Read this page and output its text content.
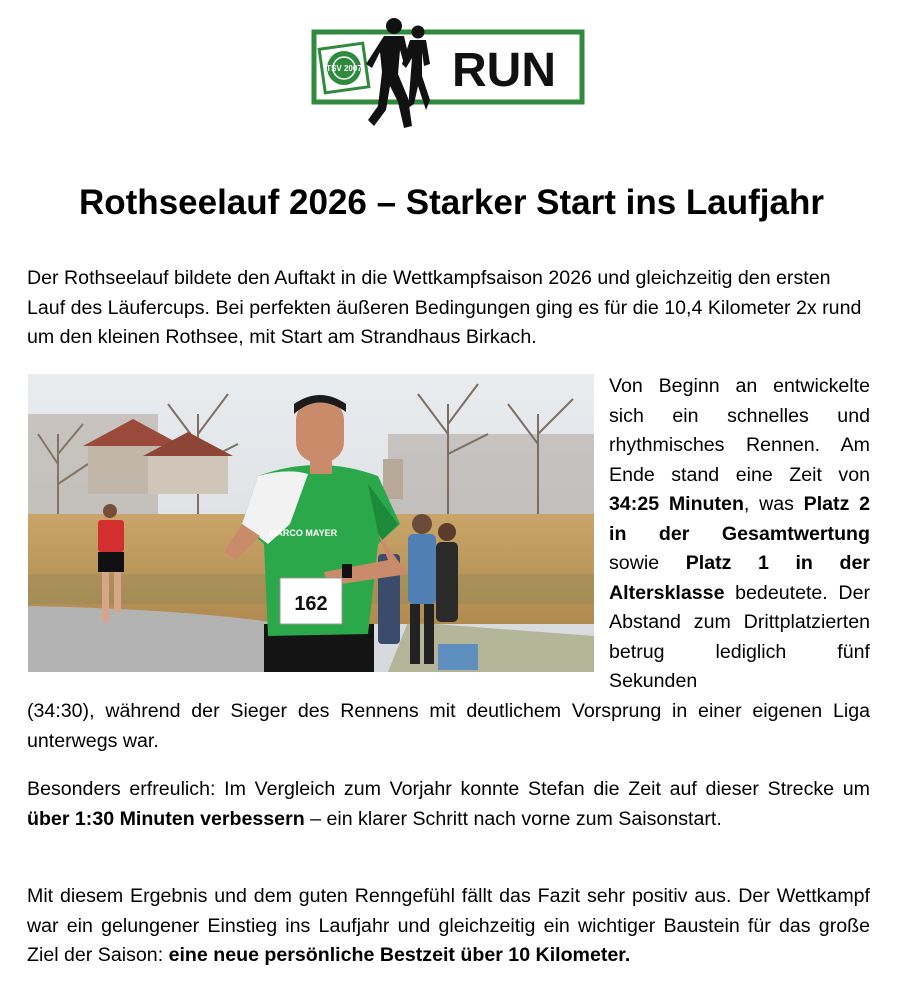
TSV 2007 RUN
Rothseelauf 2026 – Starker Start ins Laufjahr

Der Rothseelauf bildete den Auftakt in die Wettkampfsaison 2026 und gleichzeitig den ersten Lauf des Läufercups. Bei perfekten äußeren Bedingungen ging es für die 10,4 Kilometer 2x rund um den kleinen Rothsee, mit Start am Strandhaus Birkach.

162
MARCO MAYER

Von Beginn an entwickelte sich ein schnelles und rhythmisches Rennen. Am Ende stand eine Zeit von 34:25 Minuten, was Platz 2 in der Gesamtwertung sowie Platz 1 in der Altersklasse bedeutete. Der Abstand zum Drittplatzierten betrug lediglich fünf Sekunden

(34:30), während der Sieger des Rennens mit deutlichem Vorsprung in einer eigenen Liga unterwegs war.

Besonders erfreulich: Im Vergleich zum Vorjahr konnte Stefan die Zeit auf dieser Strecke um über 1:30 Minuten verbessern – ein klarer Schritt nach vorne zum Saisonstart.

Mit diesem Ergebnis und dem guten Renngefühl fällt das Fazit sehr positiv aus. Der Wettkampf war ein gelungener Einstieg ins Laufjahr und gleichzeitig ein wichtiger Baustein für das große Ziel der Saison: eine neue persönliche Bestzeit über 10 Kilometer.
